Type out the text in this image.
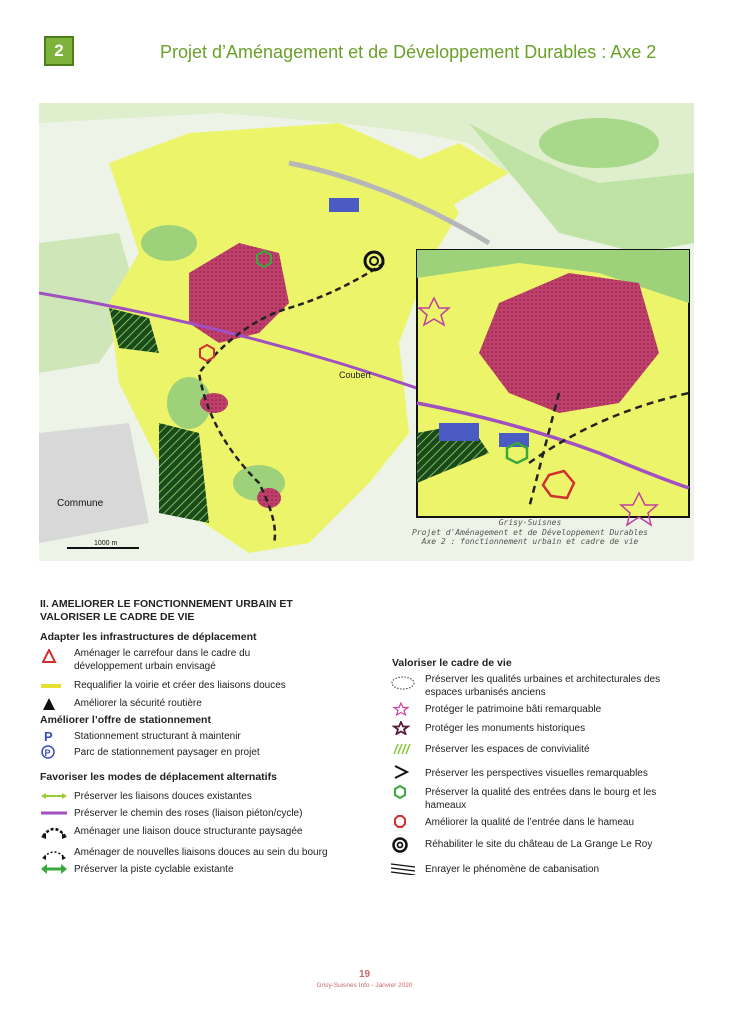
2	Projet d’Aménagement et de Développement Durables : Axe 2
Coubert
Commune
1000 m
Grisy-Suisnes
Projet d'Aménagement et de Développement Durables
Axe 2 : fonctionnement urbain et cadre de vie
II. AMELIORER LE FONCTIONNEMENT URBAIN ET VALORISER LE CADRE DE VIE
Adapter les infrastructures de déplacement
Aménager le carrefour dans le cadre du développement urbain envisagé
Requalifier la voirie et créer des liaisons douces
Améliorer la sécurité routière
Améliorer l’offre de stationnement
P Stationnement structurant à maintenir
P Parc de stationnement paysager en projet
Favoriser les modes de déplacement alternatifs
Préserver les liaisons douces existantes
Préserver le chemin des roses (liaison piéton/cycle)
Aménager une liaison douce structurante paysagée
Aménager de nouvelles liaisons douces au sein du bourg
Préserver la piste cyclable existante
Valoriser le cadre de vie
Préserver les qualités urbaines et architecturales des espaces urbanisés anciens
Protéger le patrimoine bâti remarquable
Protéger les monuments historiques
Préserver les espaces de convivialité
Préserver les perspectives visuelles remarquables
Préserver la qualité des entrées dans le bourg et les hameaux
Améliorer la qualité de l’entrée dans le hameau
Réhabiliter le site du château de La Grange Le Roy
Enrayer le phénomène de cabanisation
19
Grisy-Suisnes Info - Janvier 2020
